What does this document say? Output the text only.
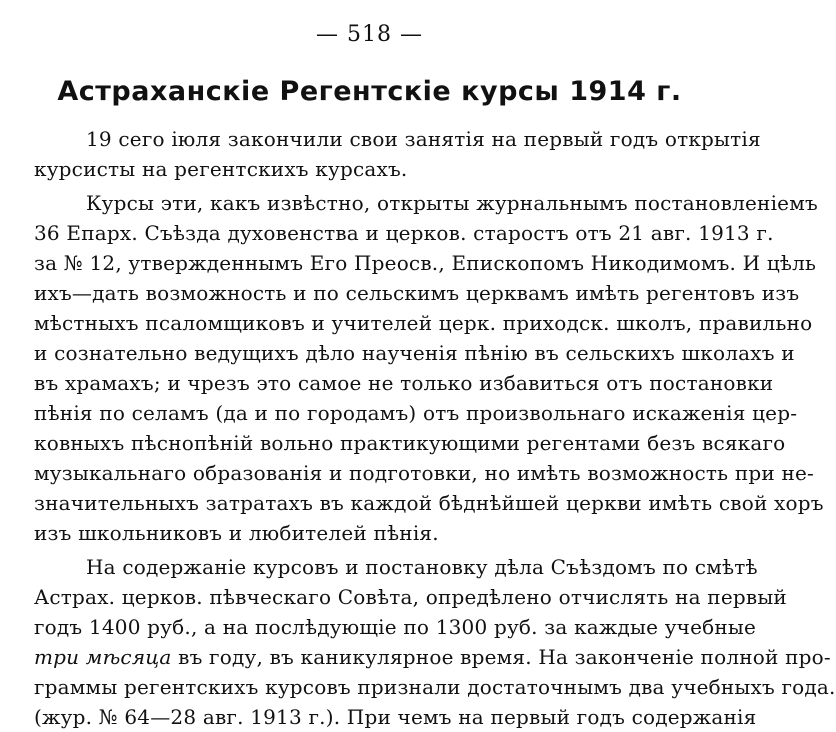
— 518 —
Астраханскіе Регентскіе курсы 1914 г.
19 сего іюля закончили свои занятія на первый годъ открытія
курсисты на регентскихъ курсахъ.
Курсы эти, какъ извѣстно, открыты журнальнымъ постановленіемъ
36 Епарх. Съѣзда духовенства и церков. старостъ отъ 21 авг. 1913 г.
за № 12, утвержденнымъ Его Преосв., Епископомъ Никодимомъ. И цѣль
ихъ—дать возможность и по сельскимъ церквамъ имѣть регентовъ изъ
мѣстныхъ псаломщиковъ и учителей церк. приходск. школъ, правильно
и сознательно ведущихъ дѣло наученія пѣнію въ сельскихъ школахъ и
въ храмахъ; и чрезъ это самое не только избавиться отъ постановки
пѣнія по селамъ (да и по городамъ) отъ произвольнаго искаженія цер-
ковныхъ пѣснопѣній вольно практикующими регентами безъ всякаго
музыкальнаго образованія и подготовки, но имѣть возможность при не-
значительныхъ затратахъ въ каждой бѣднѣйшей церкви имѣть свой хоръ
изъ школьниковъ и любителей пѣнія.
На содержаніе курсовъ и постановку дѣла Съѣздомъ по смѣтѣ
Астрах. церков. пѣвческаго Совѣта, опредѣлено отчислять на первый
годъ 1400 руб., а на послѣдующіе по 1300 руб. за каждые учебные
три мѣсяца въ году, въ каникулярное время. На законченіе полной про-
граммы регентскихъ курсовъ признали достаточнымъ два учебныхъ года.
(жур. № 64—28 авг. 1913 г.). При чемъ на первый годъ содержанія
